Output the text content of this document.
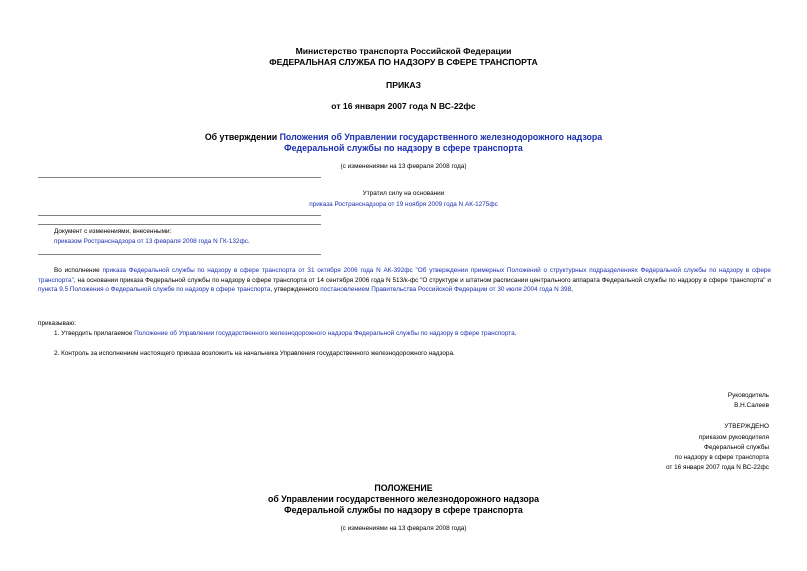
Министерство транспорта Российской Федерации
ФЕДЕРАЛЬНАЯ СЛУЖБА ПО НАДЗОРУ В СФЕРЕ ТРАНСПОРТА
ПРИКАЗ
от 16 января 2007 года N ВС-22фс
Об утверждении Положения об Управлении государственного железнодорожного надзора
Федеральной службы по надзору в сфере транспорта
(с изменениями на 13 февраля 2008 года)
Утратил силу на основании
приказа Ространснадзора от 19 ноября 2009 года N АК-1275фс
Документ с изменениями, внесенными:
приказом Ространснадзора от 13 февраля 2008 года N ГК-132фс.
Во исполнение приказа Федеральной службы по надзору в сфере транспорта от 31 октября 2006 года N АК-392фс "Об утверждении примерных Положений о структурных подразделениях Федеральной службы по надзору в сфере транспорта", на основании приказа Федеральной службы по надзору в сфере транспорта от 14 сентября 2006 года N 513/к-фс "О структуре и штатном расписании центрального аппарата Федеральной службы по надзору в сфере транспорта" и пункта 9.5 Положения о Федеральной службе по надзору в сфере транспорта, утвержденного постановлением Правительства Российской Федерации от 30 июля 2004 года N 398,
приказываю:
1. Утвердить прилагаемое Положение об Управлении государственного железнодорожного надзора Федеральной службы по надзору в сфере транспорта.
2. Контроль за исполнением настоящего приказа возложить на начальника Управления государственного железнодорожного надзора.
Руководитель
В.Н.Салеев
УТВЕРЖДЕНО
приказом руководителя
Федеральной службы
по надзору в сфере транспорта
от 16 января 2007 года N ВС-22фс
ПОЛОЖЕНИЕ
об Управлении государственного железнодорожного надзора
Федеральной службы по надзору в сфере транспорта
(с изменениями на 13 февраля 2008 года)
